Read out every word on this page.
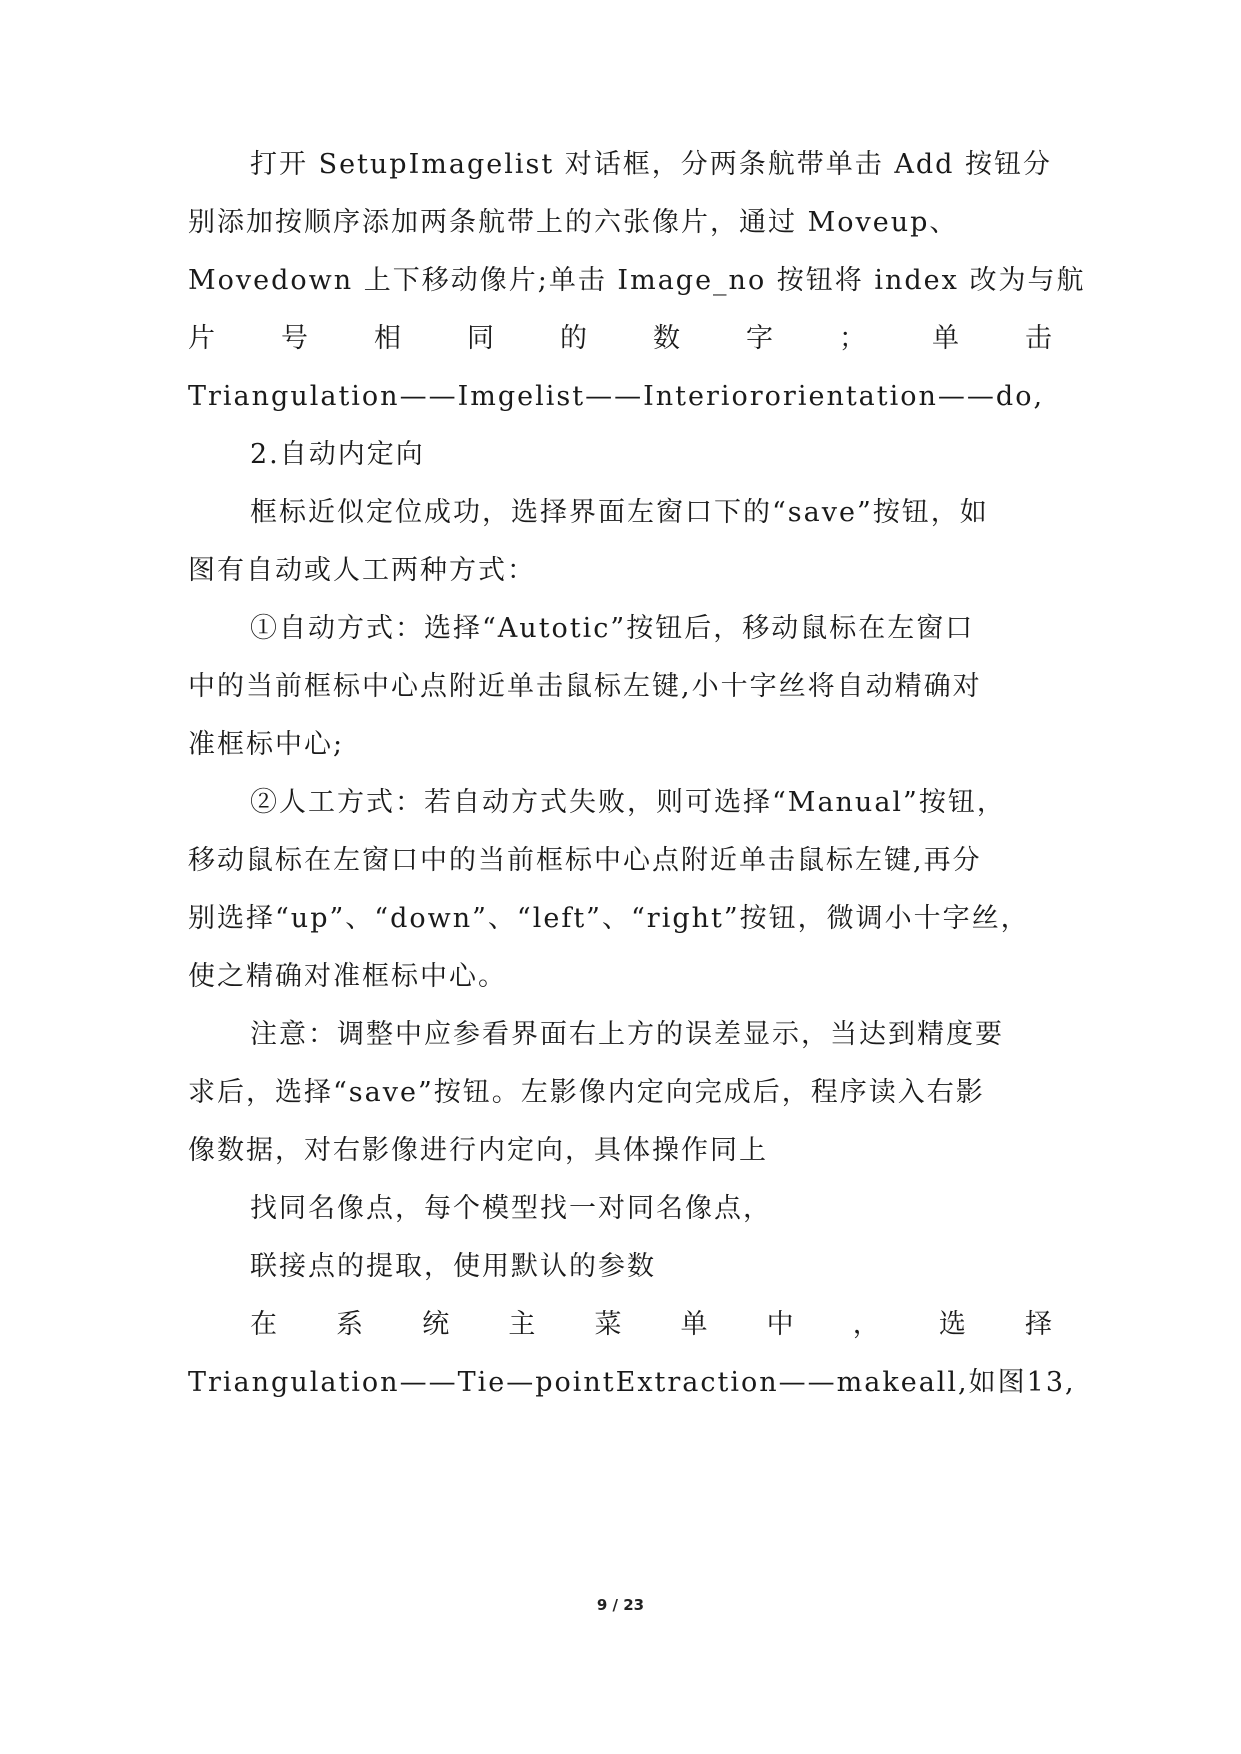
打开 SetupImagelist 对话框，分两条航带单击 Add 按钮分
别添加按顺序添加两条航带上的六张像片，通过 Moveup、
Movedown 上下移动像片;单击 Image_no 按钮将 index 改为与航
片 号 相 同 的 数 字 ； 单 击
Triangulation——Imgelist——Interiororientation——do,
2.自动内定向
框标近似定位成功，选择界面左窗口下的“save”按钮，如
图有自动或人工两种方式：
①自动方式：选择“Autotic”按钮后，移动鼠标在左窗口
中的当前框标中心点附近单击鼠标左键,小十字丝将自动精确对
准框标中心;
②人工方式：若自动方式失败，则可选择“Manual”按钮，
移动鼠标在左窗口中的当前框标中心点附近单击鼠标左键,再分
别选择“up”、“down”、“left”、“right”按钮，微调小十字丝，
使之精确对准框标中心。
注意：调整中应参看界面右上方的误差显示，当达到精度要
求后，选择“save”按钮。左影像内定向完成后，程序读入右影
像数据，对右影像进行内定向，具体操作同上
找同名像点，每个模型找一对同名像点，
联接点的提取，使用默认的参数
在 系 统 主 菜 单 中 ， 选 择
Triangulation——Tie—pointExtraction——makeall,如图13,
9 / 23
